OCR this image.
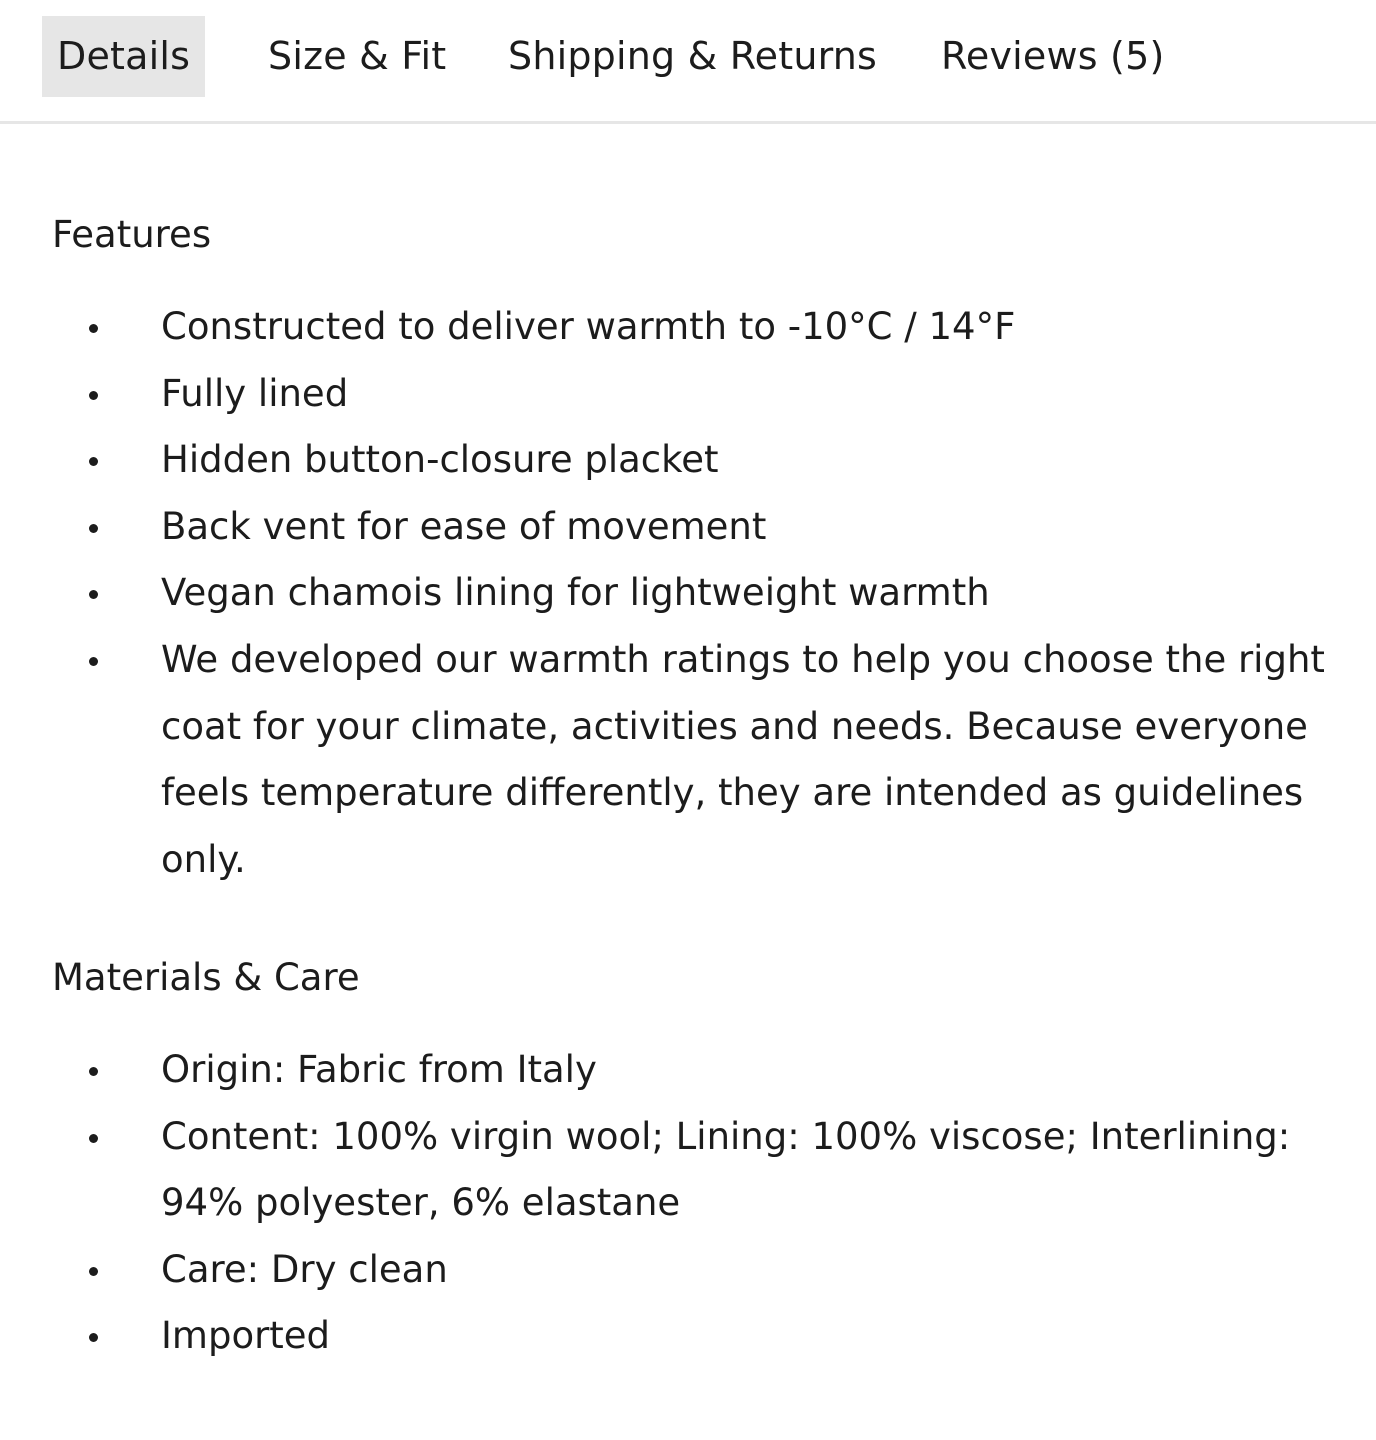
Details	Size & Fit Shipping & Returns Reviews (5)
Features
Constructed to deliver warmth to -10°C / 14°F
Fully lined
Hidden button-closure placket
Back vent for ease of movement
Vegan chamois lining for lightweight warmth
We developed our warmth ratings to help you choose the right coat for your climate, activities and needs. Because everyone feels temperature differently, they are intended as guidelines only.
Materials & Care
Origin: Fabric from Italy
Content: 100% virgin wool; Lining: 100% viscose; Interlining: 94% polyester, 6% elastane
Care: Dry clean
Imported
